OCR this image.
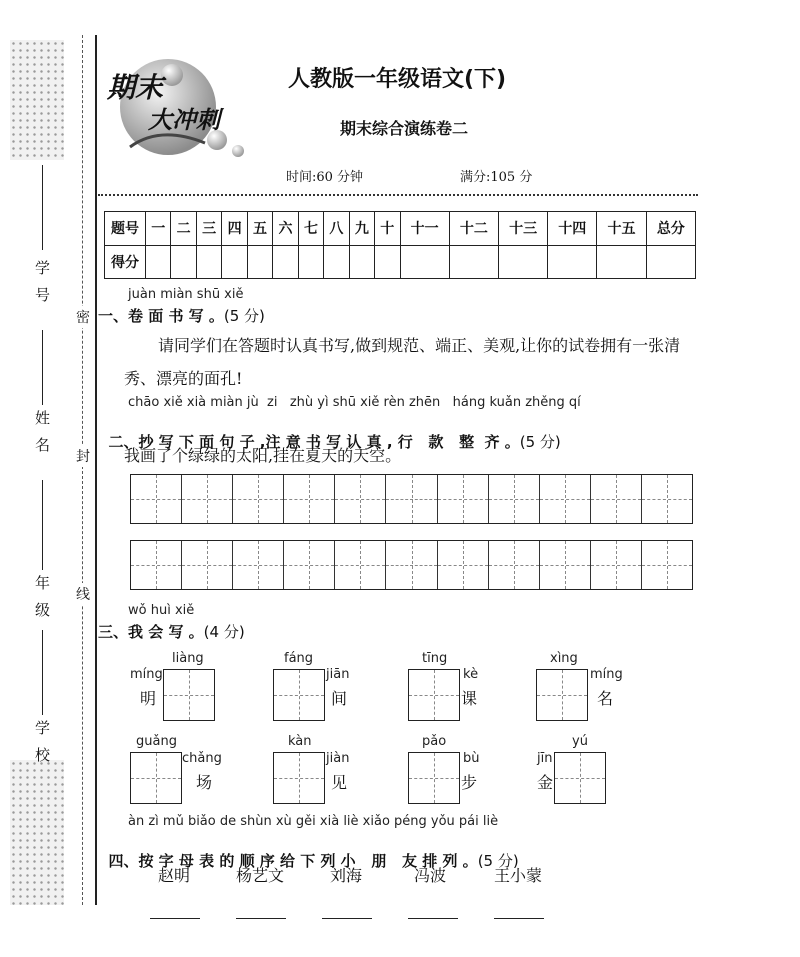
学号
姓名
年级
学校
密
封
线
期末
大冲刺
人教版一年级语文(下)
期末综合演练卷二
时间:60 分钟	满分:105 分
题号	一	二	三	四	五	六	七	八	九	十	十一	十二	十三	十四	十五	总分
得分																
juàn miàn shū xiě
一、卷 面 书 写 。(5 分)
请同学们在答题时认真书写,做到规范、端正、美观,让你的试卷拥有一张清
秀、漂亮的面孔!
chāo xiě xià miàn jù  zi   zhù yì shū xiě rèn zhēn   háng kuǎn zhěng qí

二、抄 写 下 面 句 子 ,注 意 书 写 认 真 , 行   款   整  齐 。(5 分)

我画了个绿绿的太阳,挂在夏天的天空。
wǒ huì xiě
三、我 会 写 。(4 分)
míng
明
liàng	fáng
jiān
间
tīng
kè
课
xìng
míng
名
guǎng
chǎng
场
kàn
jiàn
见
pǎo
bù
步
jīn
金
yú
àn zì mǔ biǎo de shùn xù gěi xià liè xiǎo péng yǒu pái liè

四、按 字 母 表 的 顺 序 给 下 列 小   朋   友 排 列 。(5 分)

赵明	杨艺文	刘海	冯波	王小蒙
